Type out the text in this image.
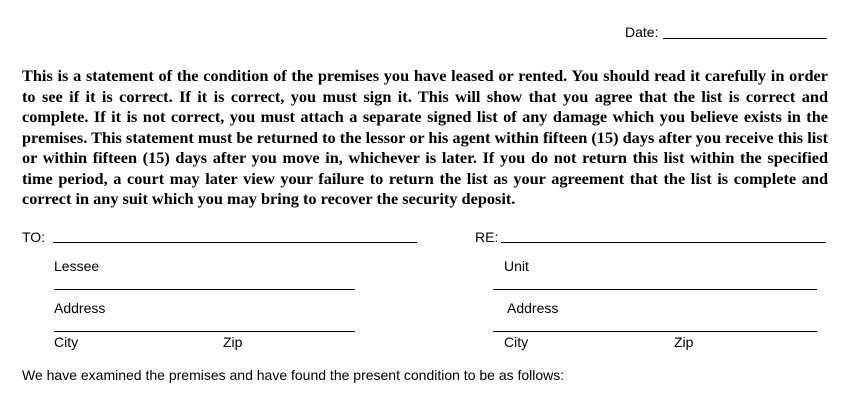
Date:

This is a statement of the condition of the premises you have leased or rented. You should read it carefully in order to see if it is correct. If it is correct, you must sign it. This will show that you agree that the list is correct and complete. If it is not correct, you must attach a separate signed list of any damage which you believe exists in the premises. This statement must be returned to the lessor or his agent within fifteen (15) days after you receive this list or within fifteen (15) days after you move in, whichever is later. If you do not return this list within the specified time period, a court may later view your failure to return the list as your agreement that the list is complete and correct in any suit which you may bring to recover the security deposit.

TO:
Lessee
Address
City	Zip
RE:
Unit
Address
City	Zip
We have examined the premises and have found the present condition to be as follows:
